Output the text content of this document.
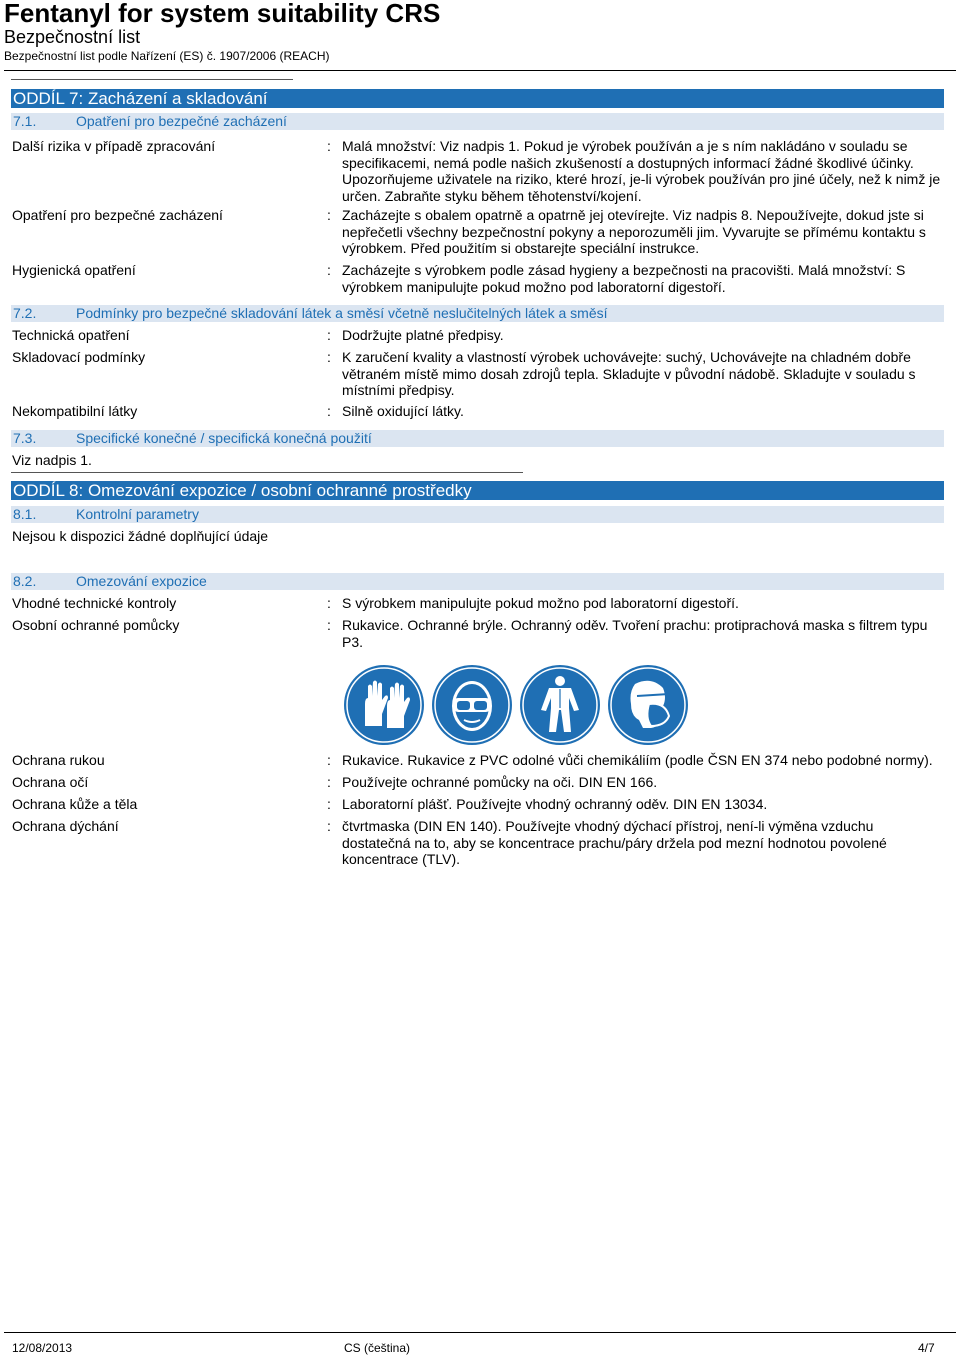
Fentanyl for system suitability CRS
Bezpečnostní list
Bezpečnostní list podle Nařízení (ES) č. 1907/2006 (REACH)
ODDÍL 7: Zacházení a skladování
7.1.	Opatření pro bezpečné zacházení
Další rizika v případě zpracování	: Malá množství: Viz nadpis 1. Pokud je výrobek používán a je s ním nakládáno v souladu se specifikacemi, nemá podle našich zkušeností a dostupných informací žádné škodlivé účinky. Upozorňujeme uživatele na riziko, které hrozí, je-li výrobek používán pro jiné účely, než k nimž je určen. Zabraňte styku během těhotenství/kojení.
Opatření pro bezpečné zacházení	: Zacházejte s obalem opatrně a opatrně jej otevírejte. Viz nadpis 8. Nepoužívejte, dokud jste si nepřečetli všechny bezpečnostní pokyny a neporozuměli jim. Vyvarujte se přímému kontaktu s výrobkem. Před použitím si obstarejte speciální instrukce.
Hygienická opatření	: Zacházejte s výrobkem podle zásad hygieny a bezpečnosti na pracovišti. Malá množství: S výrobkem manipulujte pokud možno pod laboratorní digestoří.
7.2.	Podmínky pro bezpečné skladování látek a směsí včetně neslučitelných látek a směsí
Technická opatření	: Dodržujte platné předpisy.
Skladovací podmínky	: K zaručení kvality a vlastností výrobek uchovávejte: suchý, Uchovávejte na chladném dobře větraném místě mimo dosah zdrojů tepla. Skladujte v původní nádobě. Skladujte v souladu s místními předpisy.
Nekompatibilní látky	: Silně oxidující látky.
7.3.	Specifické konečné / specifická konečná použití
Viz nadpis 1.
ODDÍL 8: Omezování expozice / osobní ochranné prostředky
8.1.	Kontrolní parametry
Nejsou k dispozici žádné doplňující údaje
8.2.	Omezování expozice
Vhodné technické kontroly	: S výrobkem manipulujte pokud možno pod laboratorní digestoří.
Osobní ochranné pomůcky	: Rukavice. Ochranné brýle. Ochranný oděv. Tvoření prachu: protiprachová maska s filtrem typu P3.
Ochrana rukou	: Rukavice. Rukavice z PVC odolné vůči chemikáliím (podle ČSN EN 374 nebo podobné normy).
Ochrana očí	: Používejte ochranné pomůcky na oči. DIN EN 166.
Ochrana kůže a těla	: Laboratorní plášť. Používejte vhodný ochranný oděv. DIN EN 13034.
Ochrana dýchání	: čtvrtmaska (DIN EN 140). Používejte vhodný dýchací přístroj, není-li výměna vzduchu dostatečná na to, aby se koncentrace prachu/páry držela pod mezní hodnotou povolené koncentrace (TLV).
12/08/2013	CS (čeština)	4/7
